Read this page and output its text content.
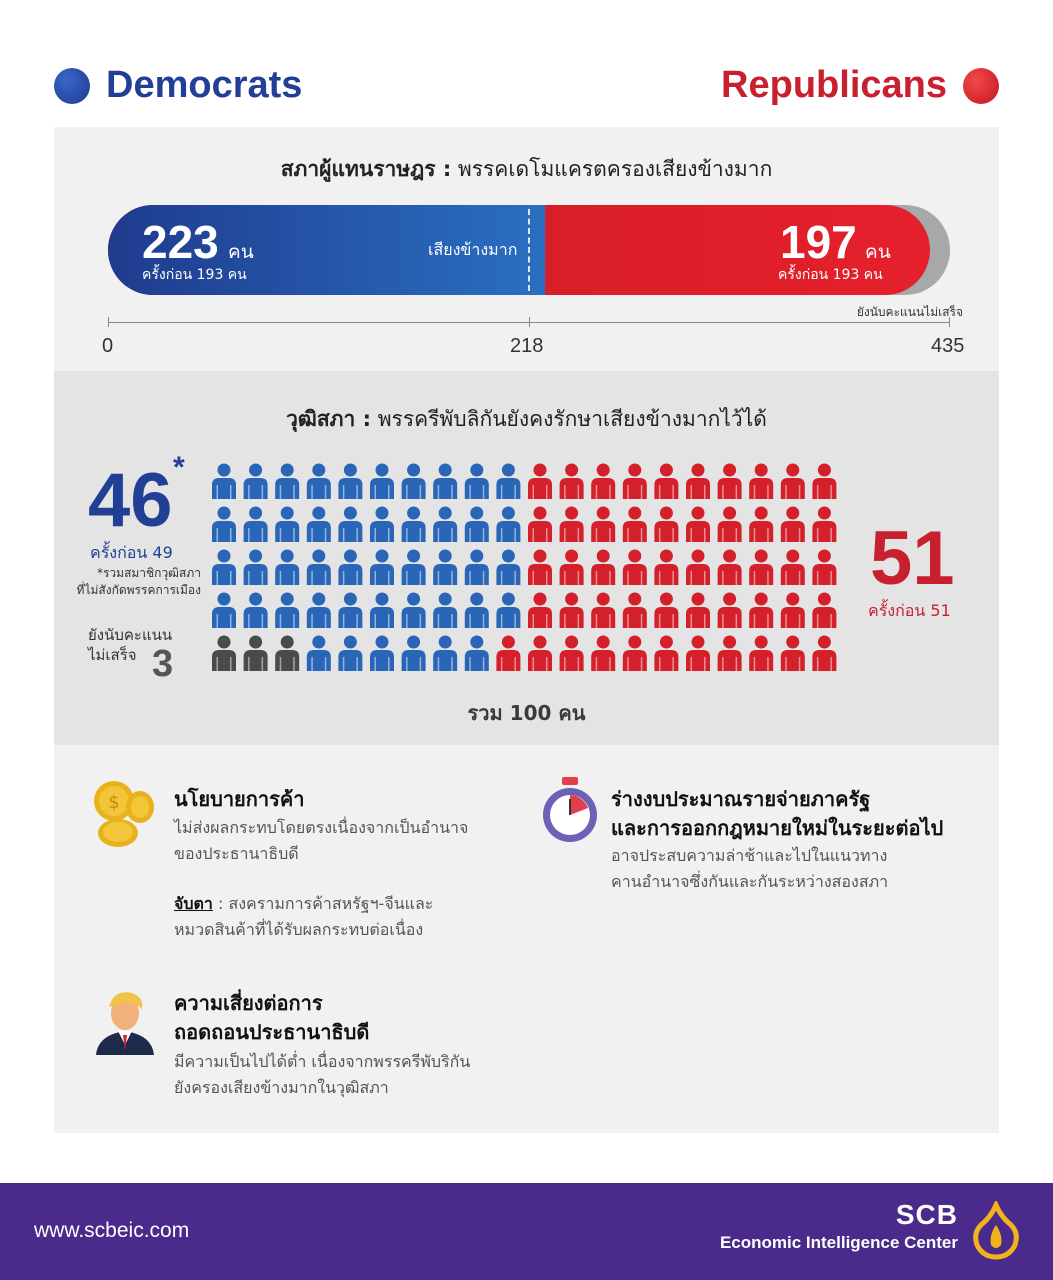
Democrats	Republicans
สภาผู้แทนราษฎร : พรรคเดโมแครตครองเสียงข้างมาก
223 คน
ครั้งก่อน 193 คน
เสียงข้างมาก	197 คน
ครั้งก่อน 193 คน
ยังนับคะแนนไม่เสร็จ
0	218	435
วุฒิสภา : พรรครีพับลิกันยังคงรักษาเสียงข้างมากไว้ได้
46 *
ครั้งก่อน 49
*รวมสมาชิกวุฒิสภา
ที่ไม่สังกัดพรรคการเมือง
ยังนับคะแนน
ไม่เสร็จ 3
51
ครั้งก่อน 51
รวม 100 คน
$	นโยบายการค้า
ไม่ส่งผลกระทบโดยตรงเนื่องจากเป็นอำนาจ
ของประธานาธิบดี
จับตา : สงครามการค้าสหรัฐฯ-จีนและ
หมวดสินค้าที่ได้รับผลกระทบต่อเนื่อง
ร่างงบประมาณรายจ่ายภาครัฐ
และการออกกฎหมายใหม่ในระยะต่อไป
อาจประสบความล่าช้าและไปในแนวทาง
คานอำนาจซึ่งกันและกันระหว่างสองสภา
ความเสี่ยงต่อการ
ถอดถอนประธานาธิบดี
มีความเป็นไปได้ต่ำ เนื่องจากพรรครีพับริกัน
ยังครองเสียงข้างมากในวุฒิสภา
www.scbeic.com
SCB
Economic Intelligence Center
